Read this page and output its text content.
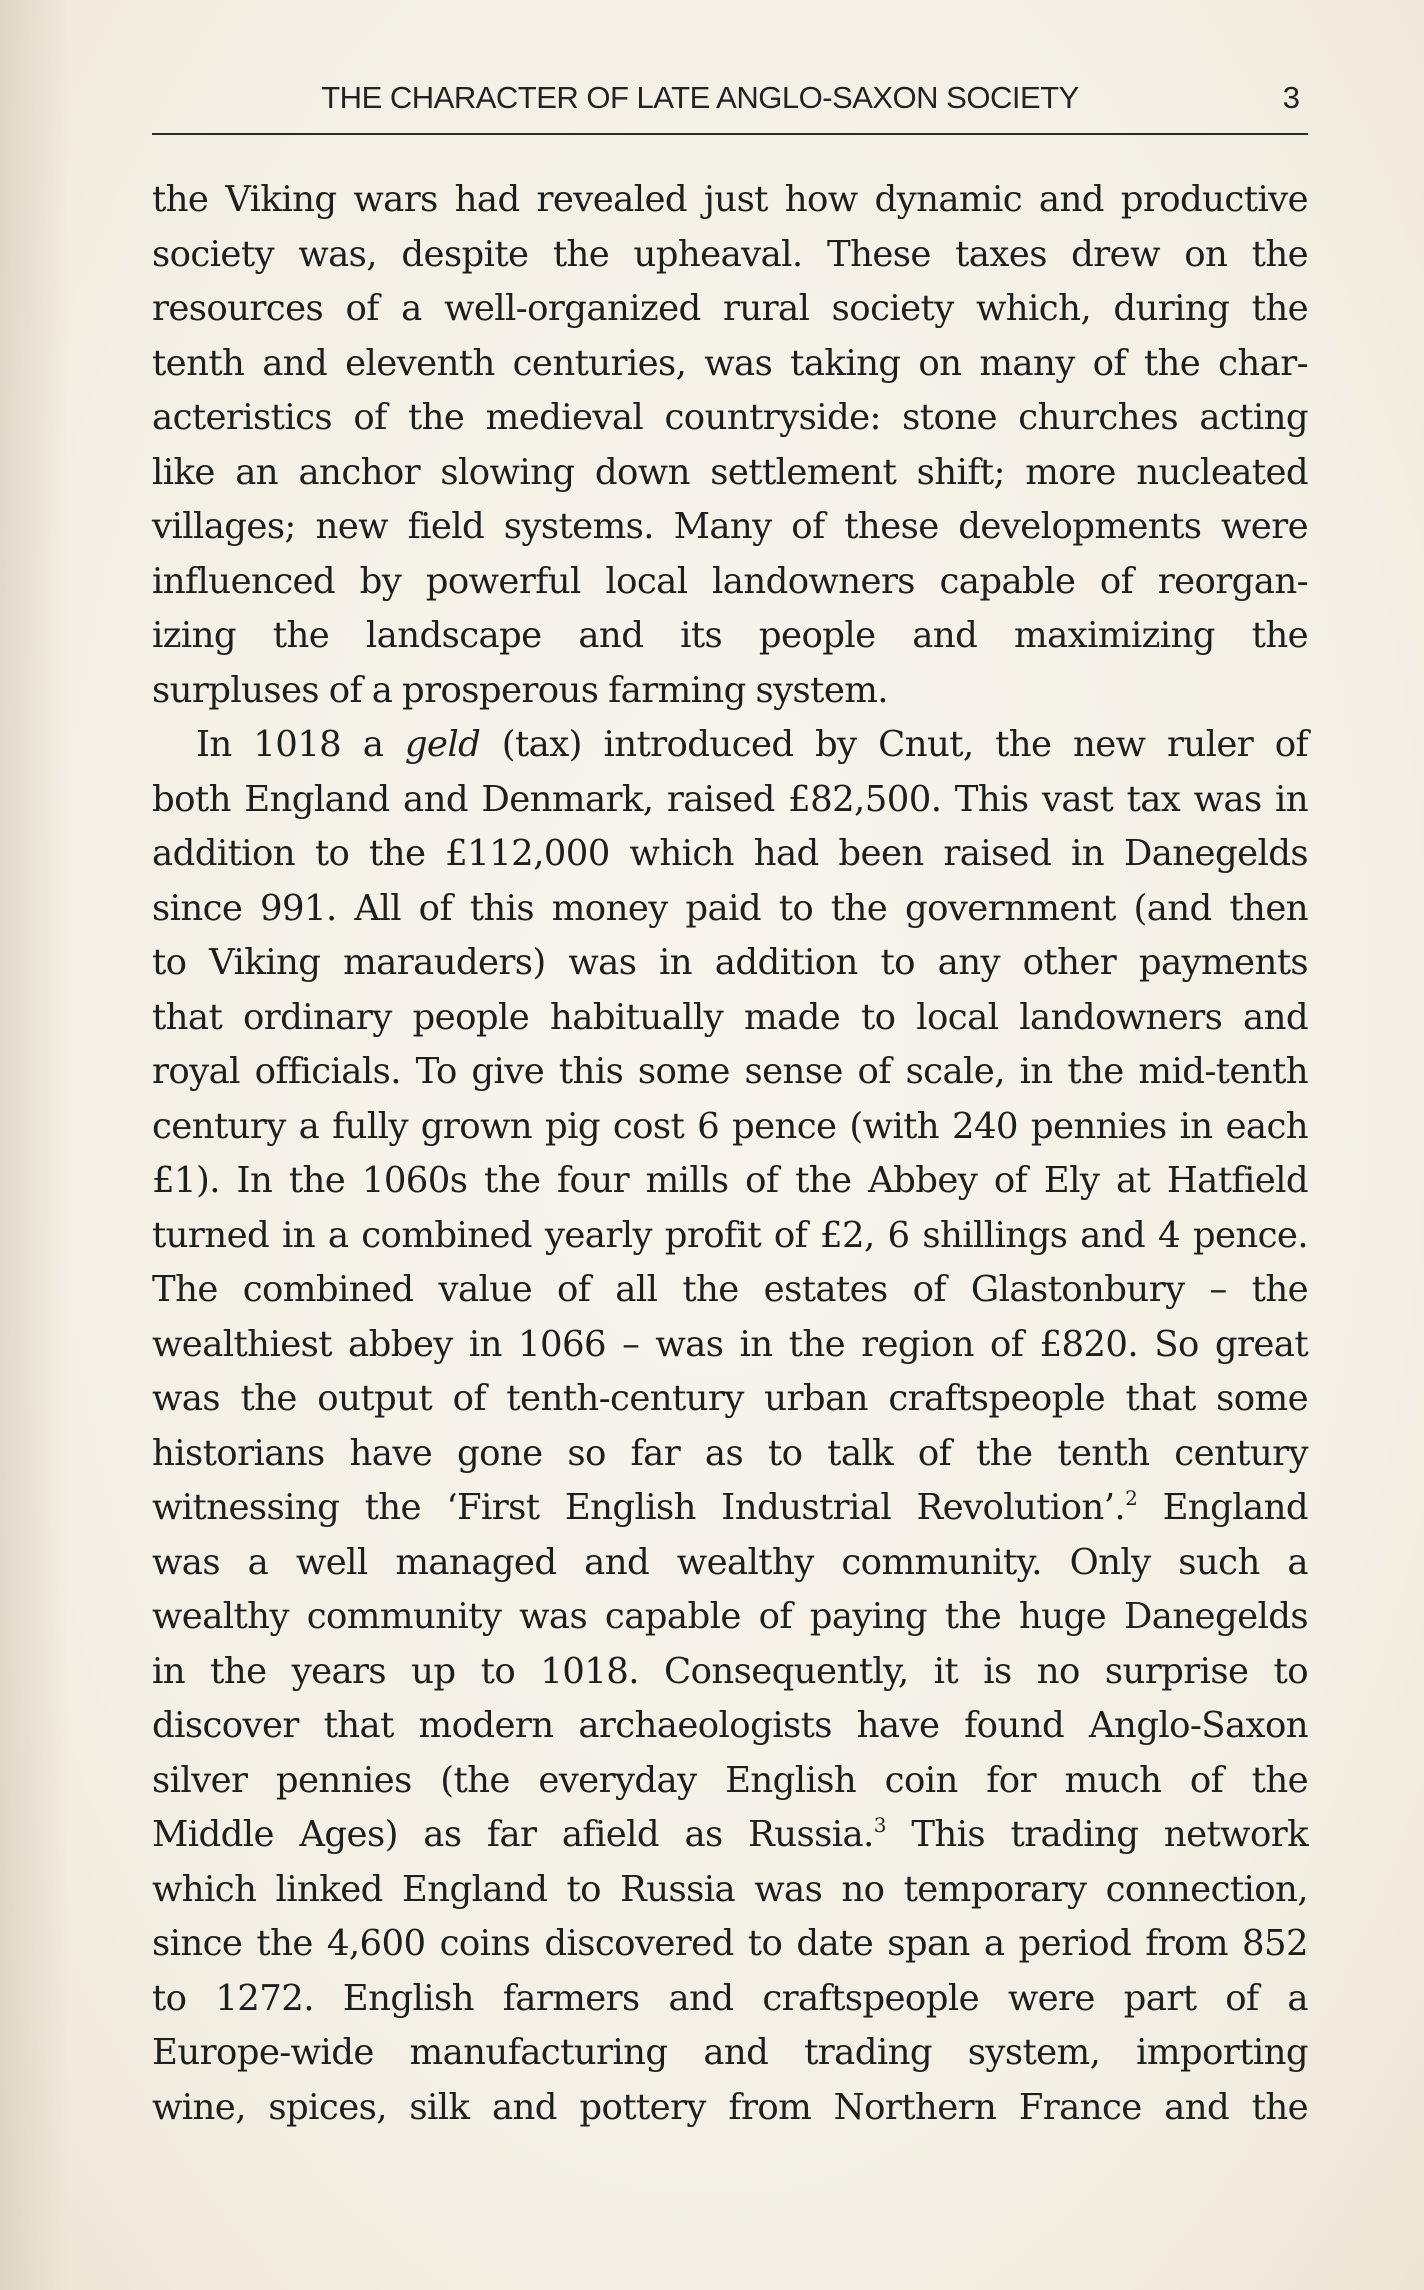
THE CHARACTER OF LATE ANGLO-SAXON SOCIETY	3
the Viking wars had revealed just how dynamic and productive
society was, despite the upheaval. These taxes drew on the
resources of a well-organized rural society which, during the
tenth and eleventh centuries, was taking on many of the char-
acteristics of the medieval countryside: stone churches acting
like an anchor slowing down settlement shift; more nucleated
villages; new field systems. Many of these developments were
influenced by powerful local landowners capable of reorgan-
izing the landscape and its people and maximizing the
surpluses of a prosperous farming system.
In 1018 a geld (tax) introduced by Cnut, the new ruler of
both England and Denmark, raised £82,500. This vast tax was in
addition to the £112,000 which had been raised in Danegelds
since 991. All of this money paid to the government (and then
to Viking marauders) was in addition to any other payments
that ordinary people habitually made to local landowners and
royal officials. To give this some sense of scale, in the mid-tenth
century a fully grown pig cost 6 pence (with 240 pennies in each
£1). In the 1060s the four mills of the Abbey of Ely at Hatfield
turned in a combined yearly profit of £2, 6 shillings and 4 pence.
The combined value of all the estates of Glastonbury – the
wealthiest abbey in 1066 – was in the region of £820. So great
was the output of tenth-century urban craftspeople that some
historians have gone so far as to talk of the tenth century
witnessing the ‘First English Industrial Revolution’.$^2$ England
was a well managed and wealthy community. Only such a
wealthy community was capable of paying the huge Danegelds
in the years up to 1018. Consequently, it is no surprise to
discover that modern archaeologists have found Anglo-Saxon
silver pennies (the everyday English coin for much of the
Middle Ages) as far afield as Russia.$^3$ This trading network
which linked England to Russia was no temporary connection,
since the 4,600 coins discovered to date span a period from 852
to 1272. English farmers and craftspeople were part of a
Europe-wide manufacturing and trading system, importing
wine, spices, silk and pottery from Northern France and the
